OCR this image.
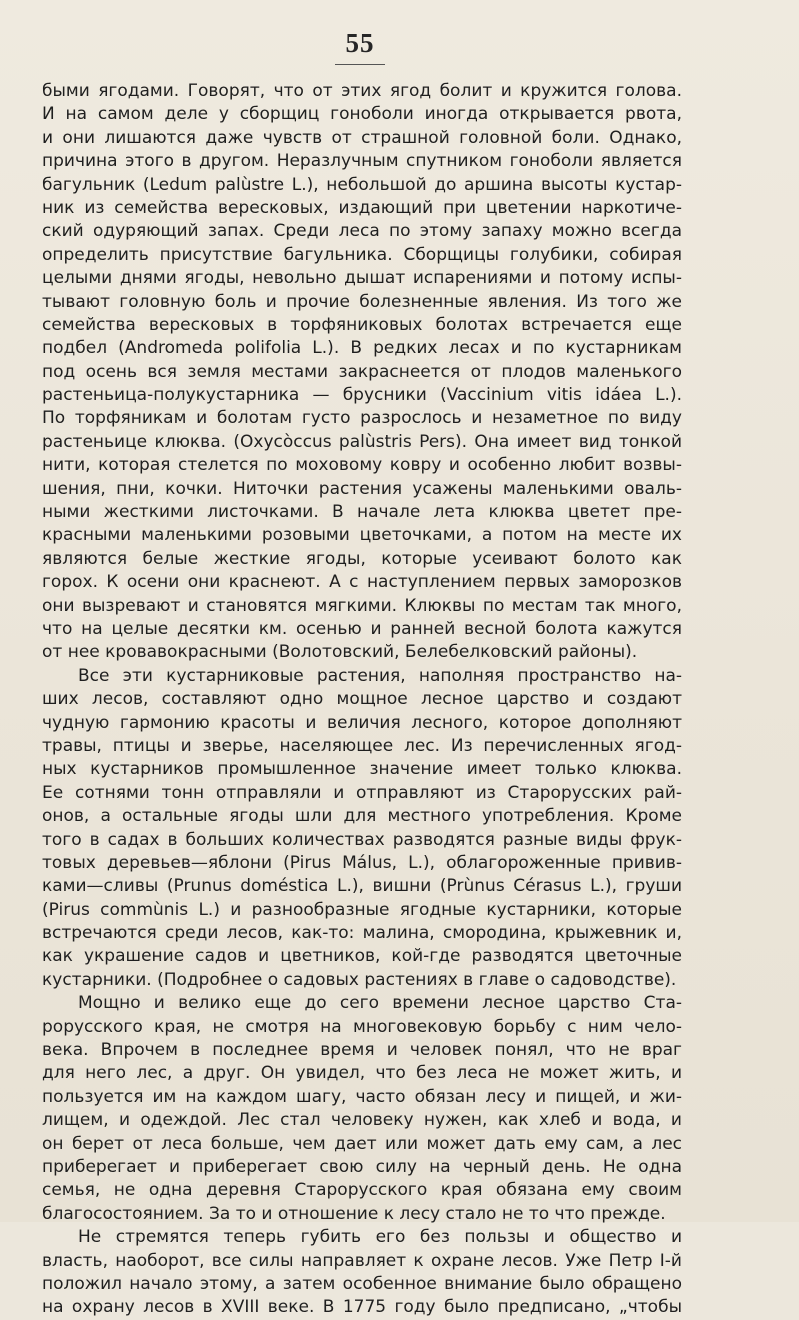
55
быми ягодами. Говорят, что от этих ягод болит и кружится голова.
И на самом деле у сборщиц гоноболи иногда открывается рвота,
и они лишаются даже чувств от страшной головной боли. Однако,
причина этого в другом. Неразлучным спутником гоноболи является
багульник (Ledum palùstre L.), небольшой до аршина высоты кустар-
ник из семейства вересковых, издающий при цветении наркотиче-
ский одуряющий запах. Среди леса по этому запаху можно всегда
определить присутствие багульника. Сборщицы голубики, собирая
целыми днями ягоды, невольно дышат испарениями и потому испы-
тывают головную боль и прочие болезненные явления. Из того же
семейства вересковых в торфяниковых болотах встречается еще
подбел (Andromeda polifolia L.). В редких лесах и по кустарникам
под осень вся земля местами закраснеется от плодов маленького
растеньица-полукустарника — брусники (Vaccinium vitis idáea L.).
По торфяникам и болотам густо разрослось и незаметное по виду
растеньице клюква. (Oxycòccus palùstris Pers). Она имеет вид тонкой
нити, которая стелется по моховому ковру и особенно любит возвы-
шения, пни, кочки. Ниточки растения усажены маленькими оваль-
ными жесткими листочками. В начале лета клюква цветет пре-
красными маленькими розовыми цветочками, а потом на месте их
являются белые жесткие ягоды, которые усеивают болото как
горох. К осени они краснеют. А с наступлением первых заморозков
они вызревают и становятся мягкими. Клюквы по местам так много,
что на целые десятки км. осенью и ранней весной болота кажутся
от нее кровавокрасными (Волотовский, Белебелковский районы).
Все эти кустарниковые растения, наполняя пространство на-
ших лесов, составляют одно мощное лесное царство и создают
чудную гармонию красоты и величия лесного, которое дополняют
травы, птицы и зверье, населяющее лес. Из перечисленных ягод-
ных кустарников промышленное значение имеет только клюква.
Ее сотнями тонн отправляли и отправляют из Старорусских рай-
онов, а остальные ягоды шли для местного употребления. Кроме
того в садах в больших количествах разводятся разные виды фрук-
товых деревьев—яблони (Pirus Málus, L.), облагороженные привив-
ками—сливы (Prunus doméstica L.), вишни (Prùnus Cérasus L.), груши
(Pirus commùnis L.) и разнообразные ягодные кустарники, которые
встречаются среди лесов, как-то: малина, смородина, крыжевник и,
как украшение садов и цветников, кой-где разводятся цветочные
кустарники. (Подробнее о садовых растениях в главе о садоводстве).
Мощно и велико еще до сего времени лесное царство Ста-
рорусского края, не смотря на многовековую борьбу с ним чело-
века. Впрочем в последнее время и человек понял, что не враг
для него лес, а друг. Он увидел, что без леса не может жить, и
пользуется им на каждом шагу, часто обязан лесу и пищей, и жи-
лищем, и одеждой. Лес стал человеку нужен, как хлеб и вода, и
он берет от леса больше, чем дает или может дать ему сам, а лес
приберегает и приберегает свою силу на черный день. Не одна
семья, не одна деревня Старорусского края обязана ему своим
благосостоянием. За то и отношение к лесу стало не то что прежде.
Не стремятся теперь губить его без пользы и общество и
власть, наоборот, все силы направляет к охране лесов. Уже Петр I-й
положил начало этому, а затем особенное внимание было обращено
на охрану лесов в XVIII веке. В 1775 году было предписано, „чтобы
